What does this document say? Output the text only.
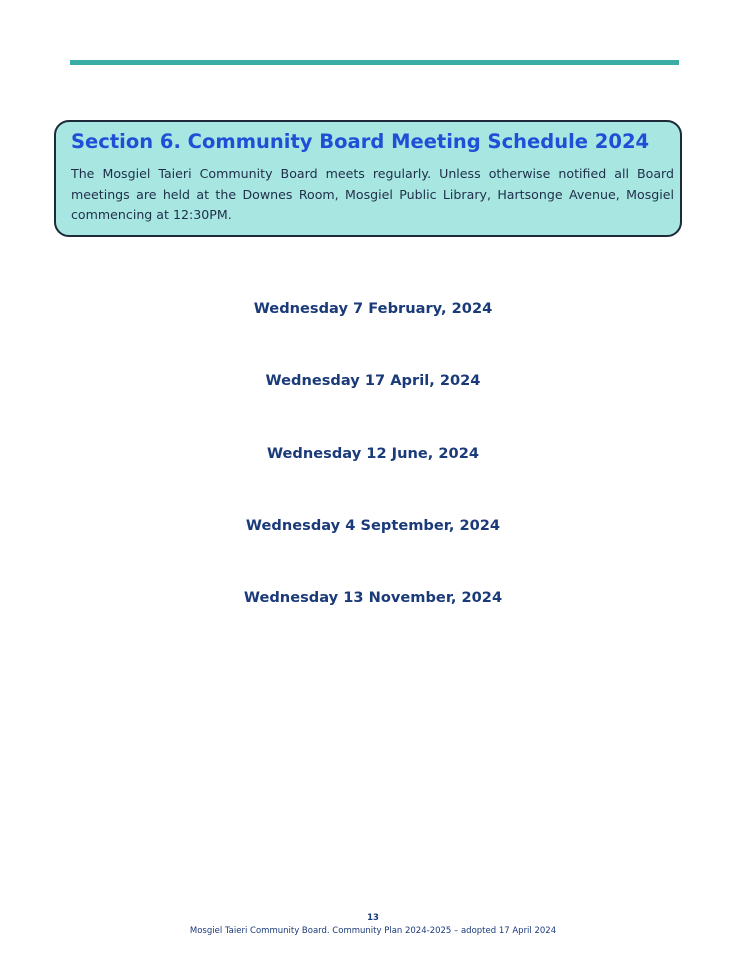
Section 6. Community Board Meeting Schedule 2024

The Mosgiel Taieri Community Board meets regularly. Unless otherwise notified all Board meetings are held at the Downes Room, Mosgiel Public Library, Hartsonge Avenue, Mosgiel commencing at 12:30PM.

Wednesday 7 February, 2024
Wednesday 17 April, 2024
Wednesday 12 June, 2024
Wednesday 4 September, 2024
Wednesday 13 November, 2024
13
Mosgiel Taieri Community Board. Community Plan 2024-2025 – adopted 17 April 2024
